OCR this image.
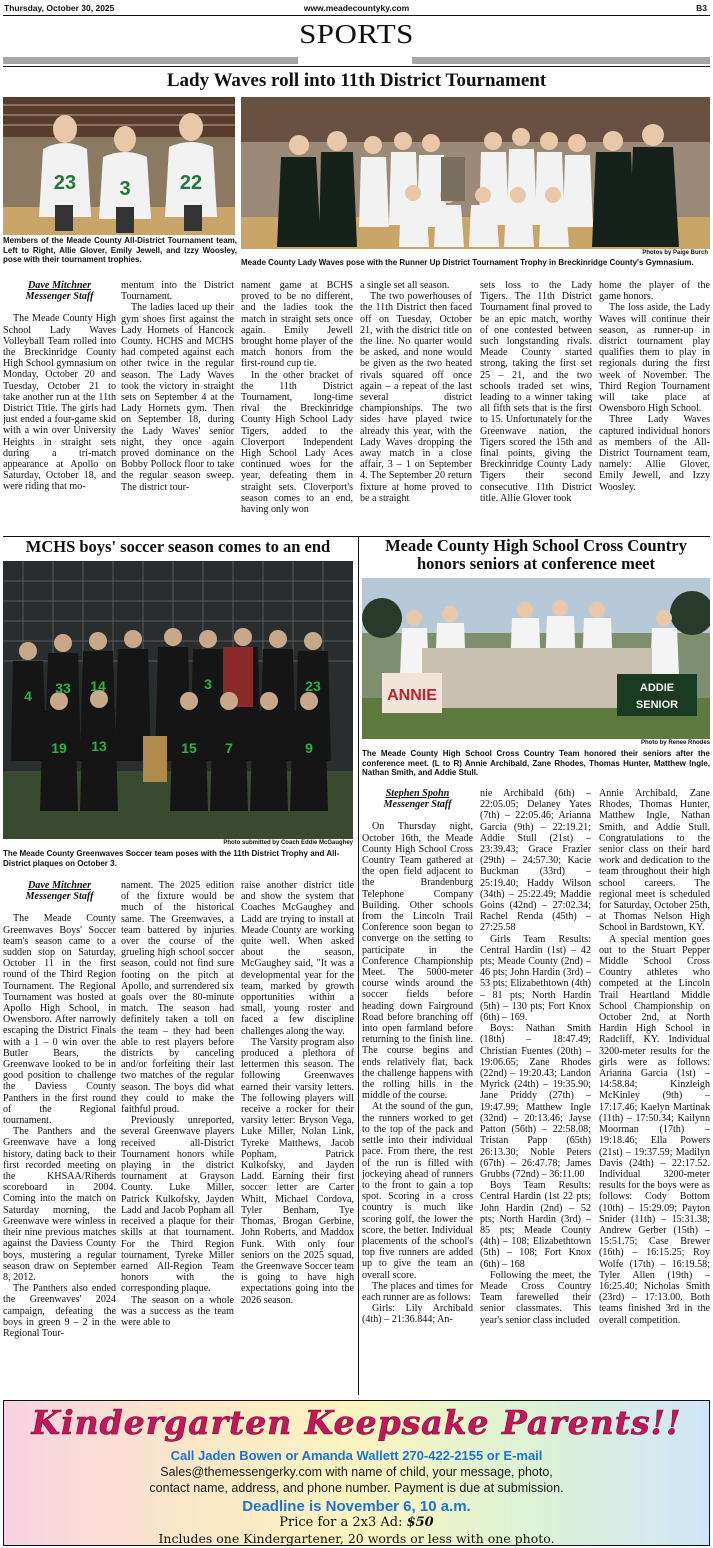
Thursday, October 30, 2025	www.meadecountyky.com	B3
SPORTS
Lady Waves roll into 11th District Tournament
23 3 22
Photos by Paige Burch
Members of the Meade County All-District Tournament team, Left to Right, Allie Glover, Emily Jewell, and Izzy Woosley, pose with their tournament trophies.	Meade County Lady Waves pose with the Runner Up District Tournament Trophy in Breckinridge County's Gymnasium.
Dave Mitchner
Messenger Staff

The Meade County High School Lady Waves Volleyball Team rolled into the Breckinridge County High School gymnasium on Monday, October 20 and Tuesday, October 21 to take another run at the 11th District Title. The girls had just ended a four-game skid with a win over University Heights in straight sets during a tri-match appearance at Apollo on Saturday, October 18, and were riding that mo-

mentum into the District Tournament.

The ladies laced up their gym shoes first against the Lady Hornets of Hancock County. HCHS and MCHS had competed against each other twice in the regular season. The Lady Waves took the victory in straight sets on September 4 at the Lady Hornets gym. Then on September 18, during the Lady Waves' senior night, they once again proved dominance on the Bobby Pollock floor to take the regular season sweep. The district tour-

nament game at BCHS proved to be no different, and the ladies took the match in straight sets once again. Emily Jewell brought home player of the match honors from the first-round cup tie.

In the other bracket of the 11th District Tournament, long-time rival the Breckinridge County High School Lady Tigers, added to the Cloverport Independent High School Lady Aces continued woes for the year, defeating them in straight sets. Cloverport's season comes to an end, having only won

a single set all season.

The two powerhouses of the 11th District then faced off on Tuesday, October 21, with the district title on the line. No quarter would be asked, and none would be given as the two heated rivals squared off once again – a repeat of the last several district championships. The two sides have played twice already this year, with the Lady Waves dropping the away match in a close affair, 3 – 1 on September 4. The September 20 return fixture at home proved to be a straight

sets loss to the Lady Tigers. The 11th District Tournament final proved to be an epic match, worthy of one contested between such longstanding rivals. Meade County started strong, taking the first set 25 – 21, and the two schools traded set wins, leading to a winner taking all fifth sets that is the first to 15. Unfortunately for the Greenwave nation, the Tigers scored the 15th and final points, giving the Breckinridge County Lady Tigers their second consecutive 11th District title. Allie Glover took

home the player of the game honors.

The loss aside, the Lady Waves will continue their season, as runner-up in district tournament play qualifies them to play in regionals during the first week of November. The Third Region Tournament will take place at Owensboro High School.

Three Lady Waves captured individual honors as members of the All-District Tournament team, namely: Allie Glover, Emily Jewell, and Izzy Woosley.

MCHS boys' soccer season comes to an end
4 33 14	3	23
19 13	15 7	9
Photo submitted by Coach Eddie McGaughey
The Meade County Greenwaves Soccer team poses with the 11th District Trophy and All-District plaques on October 3.
Dave Mitchner
Messenger Staff

The Meade County Greenwaves Boys' Soccer team's season came to a sudden stop on Saturday, October 11 in the first round of the Third Region Tournament. The Regional Tournament was hosted at Apollo High School, in Owensboro. After narrowly escaping the District Finals with a 1 – 0 win over the Butler Bears, the Greenwave looked to be in good position to challenge the Daviess County Panthers in the first round of the Regional tournament.

The Panthers and the Greenwave have a long history, dating back to their first recorded meeting on the KHSAA/Riherds scoreboard in 2004. Coming into the match on Saturday morning, the Greenwave were winless in their nine previous matches against the Daviess County boys, mustering a regular season draw on September 8, 2012.

The Panthers also ended the Greenwaves' 2024 campaign, defeating the boys in green 9 – 2 in the Regional Tour-

nament. The 2025 edition of the fixture would be much of the historical same. The Greenwaves, a team battered by injuries over the course of the grueling high school soccer season, could not find sure footing on the pitch at Apollo, and surrendered six goals over the 80-minute match. The season had definitely taken a toll on the team – they had been able to rest players before districts by canceling and/or forfeiting their last two matches of the regular season. The boys did what they could to make the faithful proud.

Previously unreported, several Greenwave players received all-District Tournament honors while playing in the district tournament at Grayson County. Luke Miller, Patrick Kulkofsky, Jayden Ladd and Jacob Popham all received a plaque for their skills at that tournament. For the Third Region tournament, Tyreke Miller earned All-Region Team honors with the corresponding plaque.

The season on a whole was a success as the team were able to

raise another district title and show the system that Coaches McGaughey and Ladd are trying to install at Meade County are working quite well. When asked about the season, McGaughey said, "It was a developmental year for the team, marked by growth opportunities within a small, young roster and faced a few discipline challenges along the way.

The Varsity program also produced a plethora of lettermen this season. The following Greenwaves earned their varsity letters. The following players will receive a rocker for their varsity letter: Bryson Vega, Luke Miller, Nolan Link, Tyreke Matthews, Jacob Popham, Patrick Kulkofsky, and Jayden Ladd. Earning their first soccer letter are Carter Whitt, Michael Cordova, Tyler Benham, Tye Thomas, Brogan Gerbine, John Roberts, and Maddox Funk. With only four seniors on the 2025 squad, the Greenwave Soccer team is going to have high expectations going into the 2026 season.

Meade County High School Cross Country honors seniors at conference meet
ANNIE	ADDIE
SENIOR
Photo by Renee Rhodes
The Meade County High School Cross Country Team honored their seniors after the conference meet. (L to R) Annie Archibald, Zane Rhodes, Thomas Hunter, Matthew Ingle, Nathan Smith, and Addie Stull.
Stephen Spohn
Messenger Staff

On Thursday night, October 16th, the Meade County High School Cross Country Team gathered at the open field adjacent to the Brandenburg Telephone Company Building. Other schools from the Lincoln Trail Conference soon began to converge on the setting to participate in the Conference Championship Meet. The 5000-meter course winds around the soccer fields before heading down Fairground Road before branching off into open farmland before returning to the finish line. The course begins and ends relatively flat, back the challenge happens with the rolling hills in the middle of the course.

At the sound of the gun, the runners worked to get to the top of the pack and settle into their individual pace. From there, the rest of the run is filled with jockeying ahead of runners to the front to gain a top spot. Scoring in a cross country is much like scoring golf, the lower the score, the better. Individual placements of the school's top five runners are added up to give the team an overall score.

The places and times for each runner are as follows:

Girls: Lily Archibald (4th) – 21:36.844; An-

nie Archibald (6th) – 22:05.05; Delaney Yates (7th) – 22:05.46; Arianna Garcia (9th) – 22:19.21; Addie Stull (21st) – 23:39.43; Grace Frazier (29th) – 24:57.30; Kacie Buckman (33rd) – 25:19.40; Haddy Wilson (34th) – 25:22.49; Maddie Goins (42nd) – 27:02.34; Rachel Renda (45th) – 27:25.58

Girls Team Results: Central Hardin (1st) – 42 pts; Meade County (2nd) – 46 pts; John Hardin (3rd) – 53 pts; Elizabethtown (4th) – 81 pts; North Hardin (5th) – 130 pts; Fort Knox (6th) – 169.

Boys: Nathan Smith (18th) – 18:47.49; Christian Fuentes (20th) – 19:06.65; Zane Rhodes (22nd) – 19:20.43; Landon Myrick (24th) – 19:35.90; Jane Priddy (27th) – 19:47.99; Matthew Ingle (32nd) – 20:13.46; Jayse Patton (56th) – 22:58.08; Tristan Papp (65th) 26:13.30; Noble Peters (67th) – 26:47.78; James Grubbs (72nd) – 36:11.00

Boys Team Results: Central Hardin (1st 22 pts; John Hardin (2nd) – 52 pts; North Hardin (3rd) – 85 pts; Meade County (4th) – 108; Elizabethtown (5th) – 108; Fort Knox (6th) – 168

Following the meet, the Meade Cross Country Team farewelled their senior classmates. This year's senior class included

Annie Archibald, Zane Rhodes, Thomas Hunter, Matthew Ingle, Nathan Smith, and Addie Stull. Congratulations to the senior class on their hard work and dedication to the team throughout their high school careers. The regional meet is scheduled for Saturday, October 25th, at Thomas Nelson High School in Bardstown, KY.

A special mention goes out to the Stuart Pepper Middle School Cross Country athletes who competed at the Lincoln Trail Heartland Middle School Championship on October 2nd, at North Hardin High School in Radcliff, KY. Individual 3200-meter results for the girls were as follows: Arianna Garcia (1st) – 14:58.84; Kinzleigh McKinley (9th) – 17:17.46; Kaelyn Martinak (11th) – 17:50.34; Kailynn Moorman (17th) – 19:18.46; Ella Powers (21st) – 19:37.59; Madilyn Davis (24th) – 22:17.52. Individual 3200-meter results for the boys were as follows: Cody Bottom (10th) – 15:29.09; Payton Snider (11th) – 15:31.38; Andrew Gerber (15th) – 15:51.75; Case Brewer (16th) – 16:15.25; Roy Wolfe (17th) – 16:19.58; Tyler Allen (19th) – 16:25.40; Nicholas Smith (23rd) – 17:13.00. Both teams finished 3rd in the overall competition.

Kindergarten Keepsake Parents!!
Call Jaden Bowen or Amanda Wallett 270-422-2155 or E-mail
Sales@themessengerky.com with name of child, your message, photo,
contact name, address, and phone number. Payment is due at submission.
Deadline is November 6, 10 a.m.
Price for a 2x3 Ad: $50
Includes one Kindergartener, 20 words or less with one photo.
